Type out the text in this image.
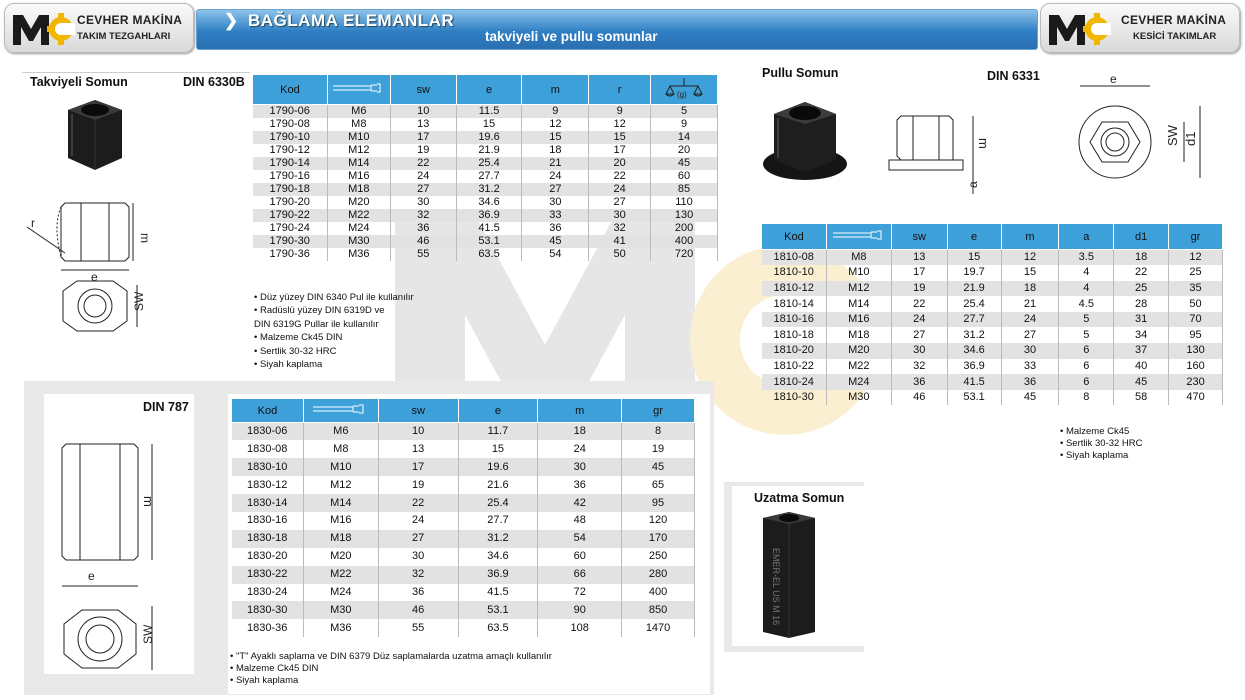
CEVHER MAKİNA
TAKIM TEZGAHLARI
❯ BAĞLAMA ELEMANLAR
takviyeli ve pullu somunlar
CEVHER MAKİNA
KESİCİ TAKIMLAR
Takviyeli Somun	DIN 6330B
r
m
e
SW
Kod		sw	e	m	r	(g)

1790-06	M6	10	11.5	9	9	5
1790-08	M8	13	15	12	12	9
1790-10	M10	17	19.6	15	15	14
1790-12	M12	19	21.9	18	17	20
1790-14	M14	22	25.4	21	20	45
1790-16	M16	24	27.7	24	22	60
1790-18	M18	27	31.2	27	24	85
1790-20	M20	30	34.6	30	27	110
1790-22	M22	32	36.9	33	30	130
1790-24	M24	36	41.5	36	32	200
1790-30	M30	46	53.1	45	41	400
1790-36	M36	55	63.5	54	50	720
• Düz yüzey DIN 6340 Pul ile kullanılır
• Radüslü yüzey DIN 6319D ve
DIN 6319G Pullar ile kullanılır
• Malzeme Ck45 DIN
• Sertlik 30-32 HRC
• Siyah kaplama
DIN 787
m
e
SW
Kod		sw	e	m	gr
1830-06	M6	10	11.7	18	8
1830-08	M8	13	15	24	19
1830-10	M10	17	19.6	30	45
1830-12	M12	19	21.6	36	65
1830-14	M14	22	25.4	42	95
1830-16	M16	24	27.7	48	120
1830-18	M18	27	31.2	54	170
1830-20	M20	30	34.6	60	250
1830-22	M22	32	36.9	66	280
1830-24	M24	36	41.5	72	400
1830-30	M30	46	53.1	90	850
1830-36	M36	55	63.5	108	1470
• "T" Ayaklı saplama ve DIN 6379 Düz saplamalarda uzatma amaçlı kullanılır
• Malzeme Ck45 DIN
• Siyah kaplama
Pullu Somun	DIN 6331
m
a
e
SW d1
Kod		sw	e	m	a	d1	gr
1810-08	M8	13	15	12	3.5	18	12
1810-10	M10	17	19.7	15	4	22	25
1810-12	M12	19	21.9	18	4	25	35
1810-14	M14	22	25.4	21	4.5	28	50
1810-16	M16	24	27.7	24	5	31	70
1810-18	M18	27	31.2	27	5	34	95
1810-20	M20	30	34.6	30	6	37	130
1810-22	M22	32	36.9	33	6	40	160
1810-24	M24	36	41.5	36	6	45	230
1810-30	M30	46	53.1	45	8	58	470
• Malzeme Ck45
• Sertlik 30-32 HRC
• Siyah kaplama
Uzatma Somun
EMER-EL US M 16
